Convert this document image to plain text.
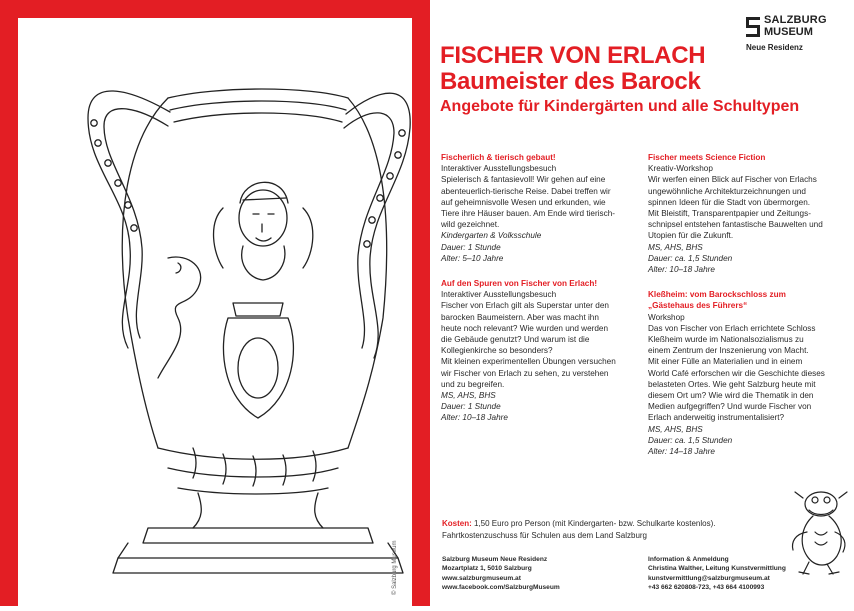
© Salzburg Museum
SALZBURG
MUSEUM
Neue Residenz
FISCHER VON ERLACH
Baumeister des Barock
Angebote für Kindergärten und alle Schultypen

Fischerlich & tierisch gebaut!

Interaktiver Ausstellungsbesuch

Spielerisch & fantasievoll! Wir gehen auf eine

abenteuerlich-tierische Reise. Dabei treffen wir

auf geheimnisvolle Wesen und erkunden, wie

Tiere ihre Häuser bauen. Am Ende wird tierisch-

wild gezeichnet.

Kindergarten & Volksschule

Dauer: 1 Stunde

Alter: 5–10 Jahre

Auf den Spuren von Fischer von Erlach!

Interaktiver Ausstellungsbesuch

Fischer von Erlach gilt als Superstar unter den

barocken Baumeistern. Aber was macht ihn

heute noch relevant? Wie wurden und werden

die Gebäude genutzt? Und warum ist die

Kollegienkirche so besonders?

Mit kleinen experimentellen Übungen versuchen

wir Fischer von Erlach zu sehen, zu verstehen

und zu begreifen.

MS, AHS, BHS

Dauer: 1 Stunde

Alter: 10–18 Jahre

Fischer meets Science Fiction

Kreativ-Workshop

Wir werfen einen Blick auf Fischer von Erlachs

ungewöhnliche Architekturzeichnungen und

spinnen Ideen für die Stadt von übermorgen.

Mit Bleistift, Transparentpapier und Zeitungs-

schnipsel entstehen fantastische Bauwelten und

Utopien für die Zukunft.

MS, AHS, BHS

Dauer: ca. 1,5 Stunden

Alter: 10–18 Jahre

Kleßheim: vom Barockschloss zum

„Gästehaus des Führers“

Workshop

Das von Fischer von Erlach errichtete Schloss

Kleßheim wurde im Nationalsozialismus zu

einem Zentrum der Inszenierung von Macht.

Mit einer Fülle an Materialien und in einem

World Café erforschen wir die Geschichte dieses

belasteten Ortes. Wie geht Salzburg heute mit

diesem Ort um? Wie wird die Thematik in den

Medien aufgegriffen? Und wurde Fischer von

Erlach anderweitig instrumentalisiert?

MS, AHS, BHS

Dauer: ca. 1,5 Stunden

Alter: 14–18 Jahre

Kosten: 1,50 Euro pro Person (mit Kindergarten- bzw. Schulkarte kostenlos).
Fahrtkostenzuschuss für Schulen aus dem Land Salzburg
Salzburg Museum Neue Residenz
Mozartplatz 1, 5010 Salzburg
www.salzburgmuseum.at
www.facebook.com/SalzburgMuseum
Information & Anmeldung
Christina Walther, Leitung Kunstvermittlung
kunstvermittlung@salzburgmuseum.at
+43 662 620808-723, +43 664 4100993
